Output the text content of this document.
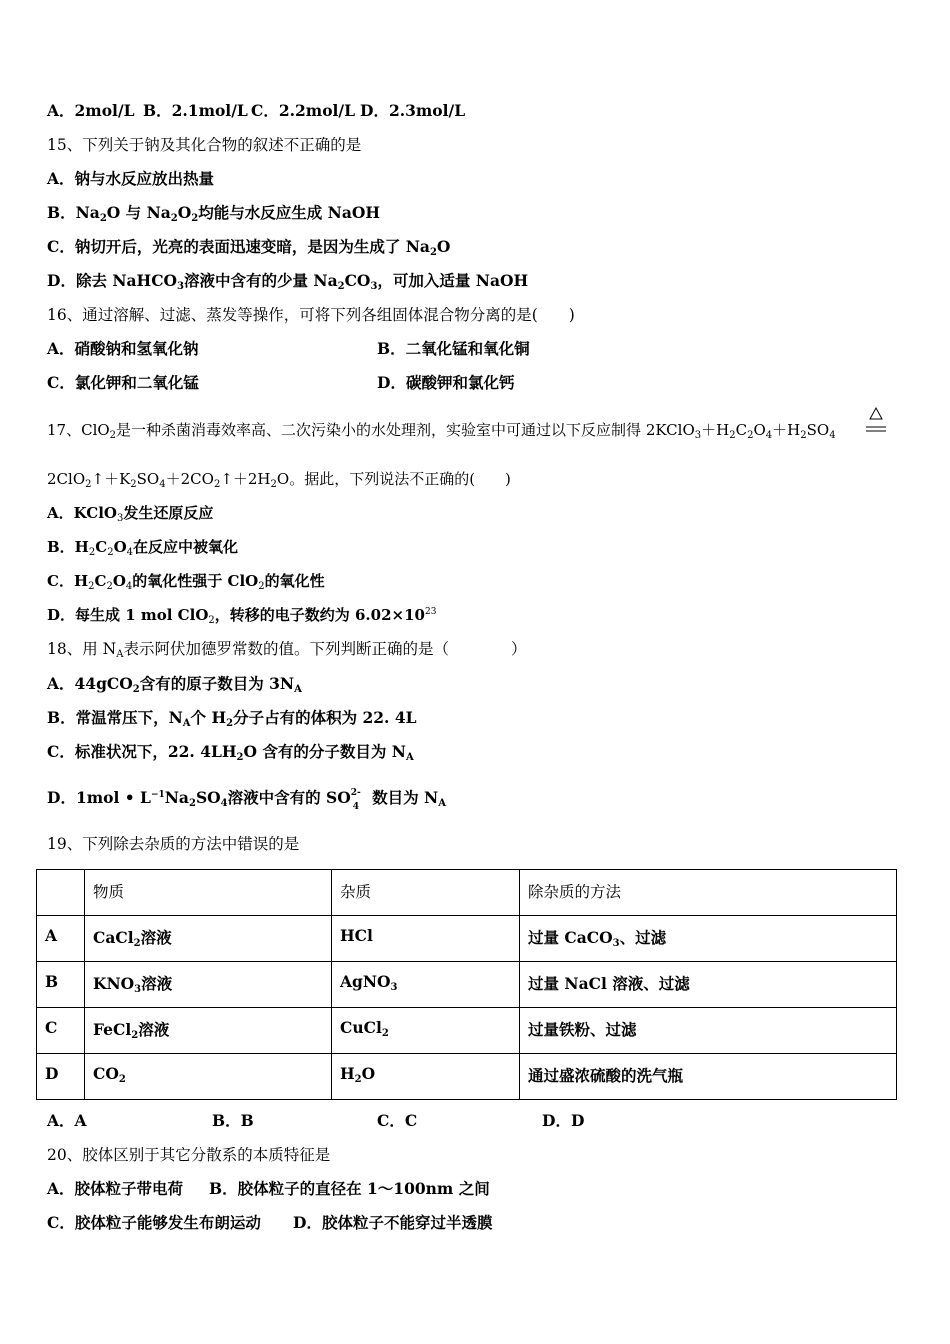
A．2mol/L B．2.1mol/L C．2.2mol/L D．2.3mol/L
15、下列关于钠及其化合物的叙述不正确的是
A．钠与水反应放出热量
B．$Na_2O$ 与 $Na_2O_2$均能与水反应生成 NaOH
C．钠切开后，光亮的表面迅速变暗，是因为生成了 $Na_2O$
D．除去 NaHCO$_3$溶液中含有的少量 $Na_2CO_3$，可加入适量 NaOH
16、通过溶解、过滤、蒸发等操作，可将下列各组固体混合物分离的是(　　)
A．硝酸钠和氢氧化钠	B．二氧化锰和氧化铜
C．氯化钾和二氧化锰	D．碳酸钾和氯化钙
17、ClO$_2$是一种杀菌消毒效率高、二次污染小的水处理剂，实验室中可通过以下反应制得 $2KClO_3+H_2C_2O_4+H_2SO_4$
$2ClO_2↑+K_2SO_4+2CO_2↑+2H_2O$。据此，下列说法不正确的(　　)
A．KClO$_3$发生还原反应
B．$H_2C_2O_4$在反应中被氧化
C．$H_2C_2O_4$的氧化性强于 ClO$_2$的氧化性
D．每生成 1 mol ClO$_2$，转移的电子数约为 $6.02\times 10^{23}$
18、用 $N_A$表示阿伏加德罗常数的值。下列判断正确的是（　　　　）
A．44gCO$_2$含有的原子数目为 $3N_A$
B．常温常压下，$N_A$个 $H_2$分子占有的体积为 22. 4L
C．标准状况下，22. $4LH_2O$ 含有的分子数目为 $N_A$
D．1mol • $L^{-1}Na_2SO_4$溶液中含有的 SO 2-
4 数目为 $N_A$
19、下列除去杂质的方法中错误的是
	物质	杂质	除杂质的方法
A	CaCl$_2$溶液	HCl	过量 CaCO$_3$、过滤
B	$KNO_3$溶液	AgNO$_3$	过量 NaCl 溶液、过滤
C	FeCl$_2$溶液	CuCl$_2$	过量铁粉、过滤
D	$CO_2$	$H_2O$	通过盛浓硫酸的洗气瓶
A．A	B．B	C．C	D．D
20、胶体区别于其它分散系的本质特征是
A．胶体粒子带电荷 B．胶体粒子的直径在 1～100nm 之间
C．胶体粒子能够发生布朗运动 D．胶体粒子不能穿过半透膜
